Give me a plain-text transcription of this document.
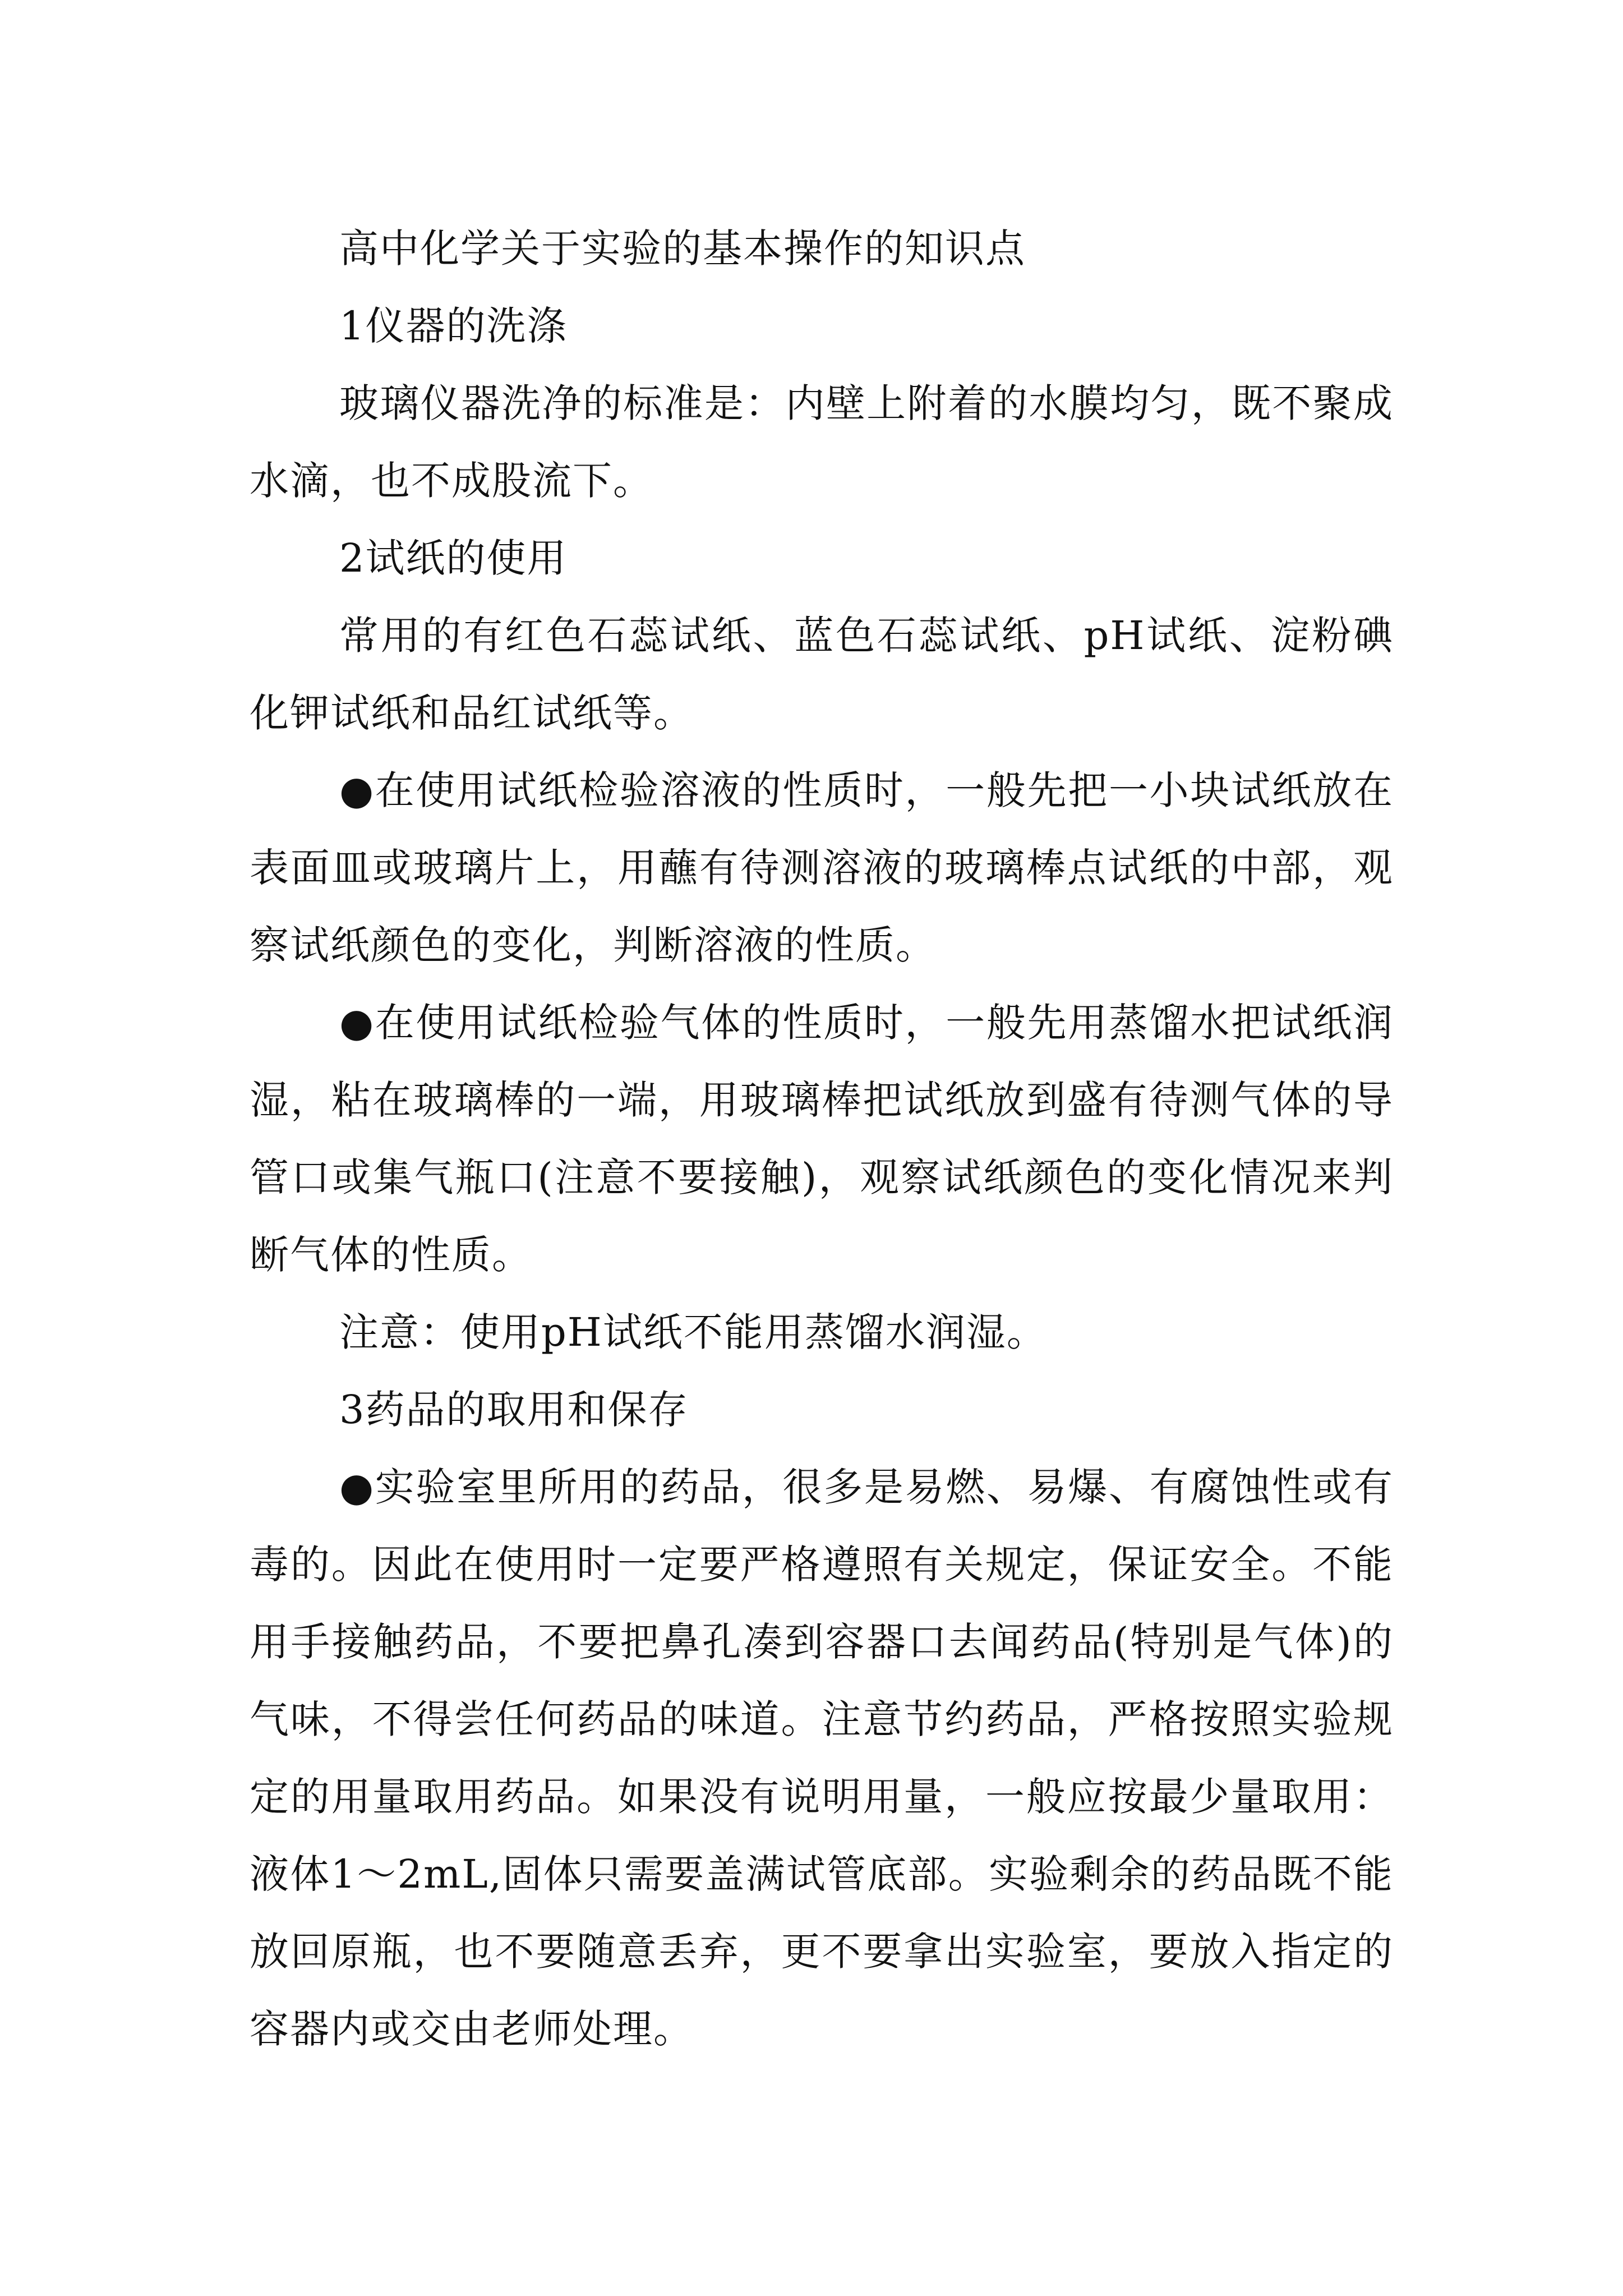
高中化学关于实验的基本操作的知识点

1仪器的洗涤

玻璃仪器洗净的标准是：内壁上附着的水膜均匀，既不聚成水滴，也不成股流下。

2试纸的使用

常用的有红色石蕊试纸、蓝色石蕊试纸、pH试纸、淀粉碘化钾试纸和品红试纸等。

●在使用试纸检验溶液的性质时，一般先把一小块试纸放在表面皿或玻璃片上，用蘸有待测溶液的玻璃棒点试纸的中部，观察试纸颜色的变化，判断溶液的性质。

●在使用试纸检验气体的性质时，一般先用蒸馏水把试纸润湿，粘在玻璃棒的一端，用玻璃棒把试纸放到盛有待测气体的导管口或集气瓶口(注意不要接触)，观察试纸颜色的变化情况来判断气体的性质。

注意：使用pH试纸不能用蒸馏水润湿。

3药品的取用和保存

●实验室里所用的药品，很多是易燃、易爆、有腐蚀性或有毒的。因此在使用时一定要严格遵照有关规定，保证安全。不能用手接触药品，不要把鼻孔凑到容器口去闻药品(特别是气体)的气味，不得尝任何药品的味道。注意节约药品，严格按照实验规定的用量取用药品。如果没有说明用量，一般应按最少量取用：液体1～2mL,固体只需要盖满试管底部。实验剩余的药品既不能放回原瓶，也不要随意丢弃，更不要拿出实验室，要放入指定的容器内或交由老师处理。
